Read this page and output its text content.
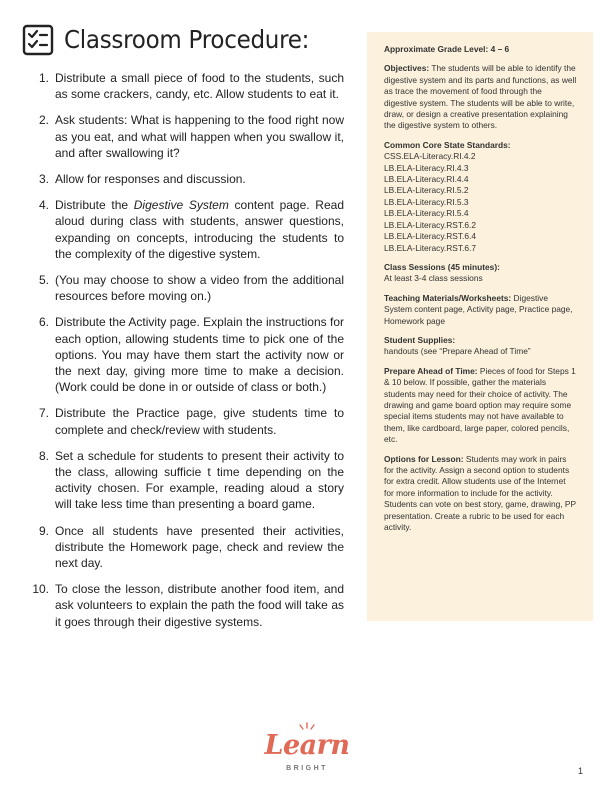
Classroom Procedure:
1. Distribute a small piece of food to the students, such as some crackers, candy, etc. Allow students to eat it.
2. Ask students: What is happening to the food right now as you eat, and what will happen when you swallow it, and after swallowing it?
3. Allow for responses and discussion.
4. Distribute the Digestive System content page. Read aloud during class with students, answer questions, expanding on concepts, introducing the students to the complexity of the digestive system.
5. (You may choose to show a video from the additional resources before moving on.)
6. Distribute the Activity page. Explain the instructions for each option, allowing students time to pick one of the options. You may have them start the activity now or the next day, giving more time to make a decision. (Work could be done in or outside of class or both.)
7. Distribute the Practice page, give students time to complete and check/review with students.
8. Set a schedule for students to present their activity to the class, allowing sufficie t time depending on the activity chosen. For example, reading aloud a story will take less time than presenting a board game.
9. Once all students have presented their activities, distribute the Homework page, check and review the next day.
10. To close the lesson, distribute another food item, and ask volunteers to explain the path the food will take as it goes through their digestive systems.
Approximate Grade Level: 4 – 6
Objectives: The students will be able to identify the digestive system and its parts and functions, as well as trace the movement of food through the digestive system. The students will be able to write, draw, or design a creative presentation explaining the digestive system to others.
Common Core State Standards:
CSS.ELA-Literacy.RI.4.2
LB.ELA-Literacy.RI.4.3
LB.ELA-Literacy.RI.4.4
LB.ELA-Literacy.RI.5.2
LB.ELA-Literacy.RI.5.3
LB.ELA-Literacy.RI.5.4
LB.ELA-Literacy.RST.6.2
LB.ELA-Literacy.RST.6.4
LB.ELA-Literacy.RST.6.7
Class Sessions (45 minutes):
At least 3-4 class sessions
Teaching Materials/Worksheets: Digestive System content page, Activity page, Practice page, Homework page
Student Supplies:
handouts (see “Prepare Ahead of Time”
Prepare Ahead of Time: Pieces of food for Steps 1 & 10 below. If possible, gather the materials students may need for their choice of activity. The drawing and game board option may require some special items students may not have available to them, like cardboard, large paper, colored pencils, etc.
Options for Lesson: Students may work in pairs for the activity. Assign a second option to students for extra credit. Allow students use of the Internet for more information to include for the activity. Students can vote on best story, game, drawing, PP presentation. Create a rubric to be used for each activity.
Learn
BRIGHT	1
